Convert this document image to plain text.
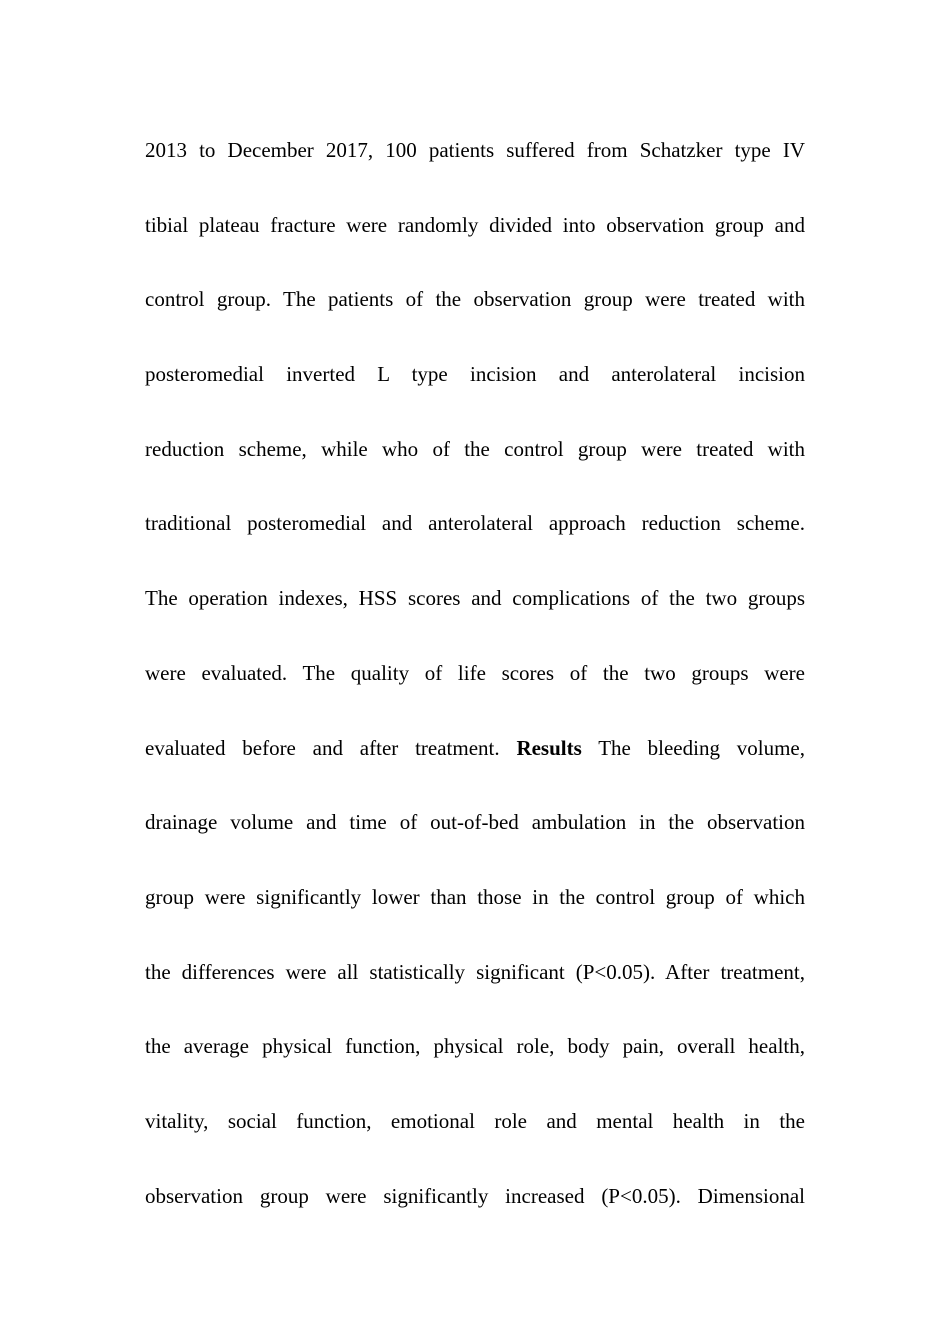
2013 to December 2017, 100 patients suffered from Schatzker type IV
tibial plateau fracture were randomly divided into observation group and
control group. The patients of the observation group were treated with
posteromedial inverted L type incision and anterolateral incision
reduction scheme, while who of the control group were treated with
traditional posteromedial and anterolateral approach reduction scheme.
The operation indexes, HSS scores and complications of the two groups
were evaluated. The quality of life scores of the two groups were
evaluated before and after treatment. Results The bleeding volume,
drainage volume and time of out-of-bed ambulation in the observation
group were significantly lower than those in the control group of which
the differences were all statistically significant (P<0.05). After treatment,
the average physical function, physical role, body pain, overall health,
vitality, social function, emotional role and mental health in the
observation group were significantly increased (P<0.05). Dimensional
